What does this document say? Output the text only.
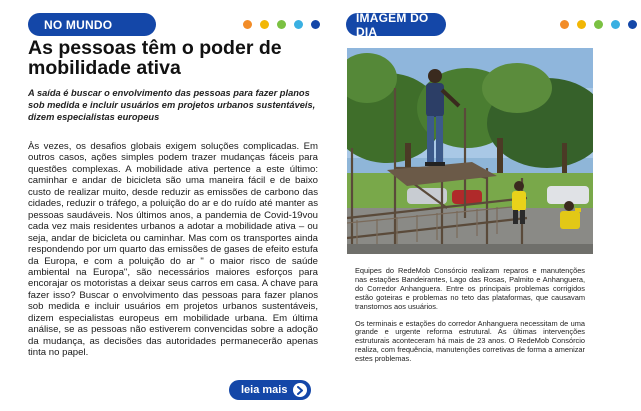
NO MUNDO
As pessoas têm o poder de mobilidade ativa

A saída é buscar o envolvimento das pessoas para fazer planos sob medida e incluir usuários em projetos urbanos sustentáveis, dizem especialistas europeus

Às vezes, os desafios globais exigem soluções complicadas. Em outros casos, ações simples podem trazer mudanças fáceis para questões complexas. A mobilidade ativa pertence a este último: caminhar e andar de bicicleta são uma maneira fácil e de baixo custo de realizar muito, desde reduzir as emissões de carbono das cidades, reduzir o tráfego, a poluição do ar e do ruído até manter as pessoas saudáveis. Nos últimos anos, a pandemia de Covid-19vou cada vez mais residentes urbanos a adotar a mobilidade ativa – ou seja, andar de bicicleta ou caminhar. Mas com os transportes ainda respondendo por um quarto das emissões de gases de efeito estufa da Europa, e com a poluição do ar " o maior risco de saúde ambiental na Europa", são necessários maiores esforços para encorajar os motoristas a deixar seus carros em casa. A chave para fazer isso? Buscar o envolvimento das pessoas para fazer planos sob medida e incluir usuários em projetos urbanos sustentáveis, dizem especialistas europeus em mobilidade urbana. Em última análise, se as pessoas não estiverem convencidas sobre a adoção da mudança, as decisões das autoridades permanecerão apenas tinta no papel.

leia mais
IMAGEM DO DIA

Equipes do RedeMob Consórcio realizam reparos e manutenções nas estações Bandeirantes, Lago das Rosas, Palmito e Anhanguera, do Corredor Anhanguera. Entre os principais problemas corrigidos estão goteiras e problemas no teto das plataformas, que causavam transtornos aos usuários.

Os terminais e estações do corredor Anhanguera necessitam de uma grande e urgente reforma estrutural. As últimas intervenções estruturais aconteceram há mais de 23 anos. O RedeMob Consórcio realiza, com frequência, manutenções corretivas de forma a amenizar estes problemas.
